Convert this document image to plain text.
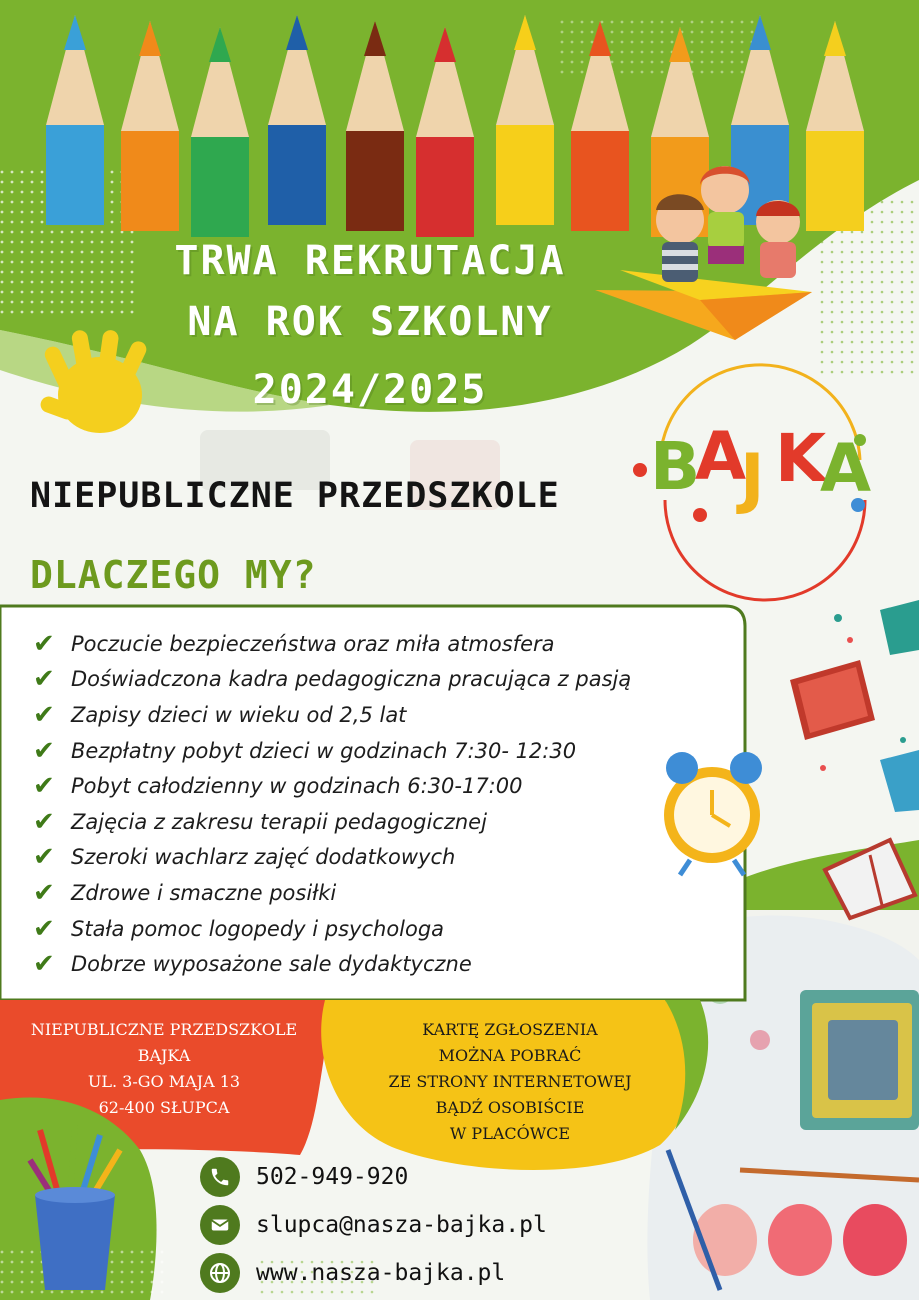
TRWA REKRUTACJA
NA ROK SZKOLNY
2024/2025
B
A
J K
A
NIEPUBLICZNE PRZEDSZKOLE
DLACZEGO MY?
✔ Poczucie bezpieczeństwa oraz miła atmosfera
✔ Doświadczona kadra pedagogiczna pracująca z pasją
✔ Zapisy dzieci w wieku od 2,5 lat
✔ Bezpłatny pobyt dzieci w godzinach 7:30- 12:30
✔ Pobyt całodzienny w godzinach 6:30-17:00
✔ Zajęcia z zakresu terapii pedagogicznej
✔ Szeroki wachlarz zajęć dodatkowych
✔ Zdrowe i smaczne posiłki
✔ Stała pomoc logopedy i psychologa
✔ Dobrze wyposażone sale dydaktyczne
NIEPUBLICZNE PRZEDSZKOLE
BAJKA
UL. 3-GO MAJA 13
62-400 SŁUPCA
KARTĘ ZGŁOSZENIA
MOŻNA POBRAĆ
ZE STRONY INTERNETOWEJ
BĄDŹ OSOBIŚCIE
W PLACÓWCE
502-949-920
slupca@nasza-bajka.pl
www.nasza-bajka.pl
